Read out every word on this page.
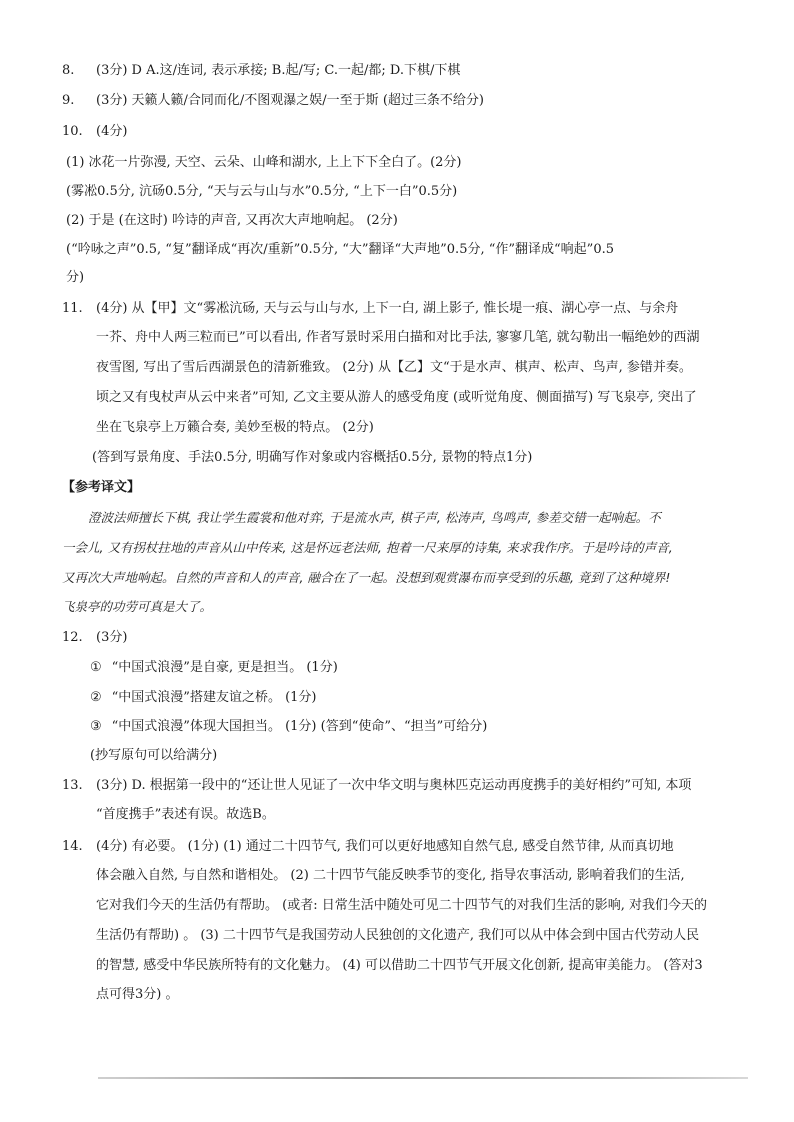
8. (3分) D A.这/连词, 表示承接; B.起/写; C.一起/都; D.下棋/下棋
9. (3分) 天籁人籁/合同而化/不图观瀑之娱/一至于斯 (超过三条不给分)
10. (4分)
(1) 冰花一片弥漫, 天空、云朵、山峰和湖水, 上上下下全白了。(2分)
(雾凇0.5分, 沆砀0.5分, “天与云与山与水”0.5分, “上下一白”0.5分)
(2) 于是 (在这时) 吟诗的声音, 又再次大声地响起。 (2分)
(“吟咏之声”0.5, “复”翻译成“再次/重新”0.5分, “大”翻译“大声地”0.5分, “作”翻译成“响起”0.5
分)
11. (4分) 从【甲】文“雾凇沆砀, 天与云与山与水, 上下一白, 湖上影子, 惟长堤一痕、湖心亭一点、与余舟
一芥、舟中人两三粒而已”可以看出, 作者写景时采用白描和对比手法, 寥寥几笔, 就勾勒出一幅绝妙的西湖
夜雪图, 写出了雪后西湖景色的清新雅致。 (2分) 从【乙】文“于是水声、棋声、松声、鸟声, 参错并奏。
顷之又有曳杖声从云中来者”可知, 乙文主要从游人的感受角度 (或听觉角度、侧面描写) 写飞泉亭, 突出了
坐在飞泉亭上万籁合奏, 美妙至极的特点。 (2分)
(答到写景角度、手法0.5分, 明确写作对象或内容概括0.5分, 景物的特点1分)
【参考译文】
澄波法师擅长下棋, 我让学生霞裳和他对弈, 于是流水声, 棋子声, 松涛声, 鸟鸣声, 参差交错一起响起。不
一会儿, 又有拐杖拄地的声音从山中传来, 这是怀远老法师, 抱着一尺来厚的诗集, 来求我作序。于是吟诗的声音,
又再次大声地响起。自然的声音和人的声音, 融合在了一起。没想到观赏瀑布而享受到的乐趣, 竟到了这种境界!
飞泉亭的功劳可真是大了。
12. (3分)
① “中国式浪漫”是自豪, 更是担当。 (1分)
② “中国式浪漫”搭建友谊之桥。 (1分)
③ “中国式浪漫”体现大国担当。 (1分) (答到“使命”、“担当”可给分)
(抄写原句可以给满分)
13. (3分) D. 根据第一段中的“还让世人见证了一次中华文明与奥林匹克运动再度携手的美好相约”可知, 本项
“首度携手”表述有误。故选B。
14. (4分) 有必要。 (1分) (1) 通过二十四节气, 我们可以更好地感知自然气息, 感受自然节律, 从而真切地
体会融入自然, 与自然和谐相处。 (2) 二十四节气能反映季节的变化, 指导农事活动, 影响着我们的生活,
它对我们今天的生活仍有帮助。 (或者: 日常生活中随处可见二十四节气的对我们生活的影响, 对我们今天的
生活仍有帮助) 。 (3) 二十四节气是我国劳动人民独创的文化遗产, 我们可以从中体会到中国古代劳动人民
的智慧, 感受中华民族所特有的文化魅力。 (4) 可以借助二十四节气开展文化创新, 提高审美能力。 (答对3
点可得3分) 。
